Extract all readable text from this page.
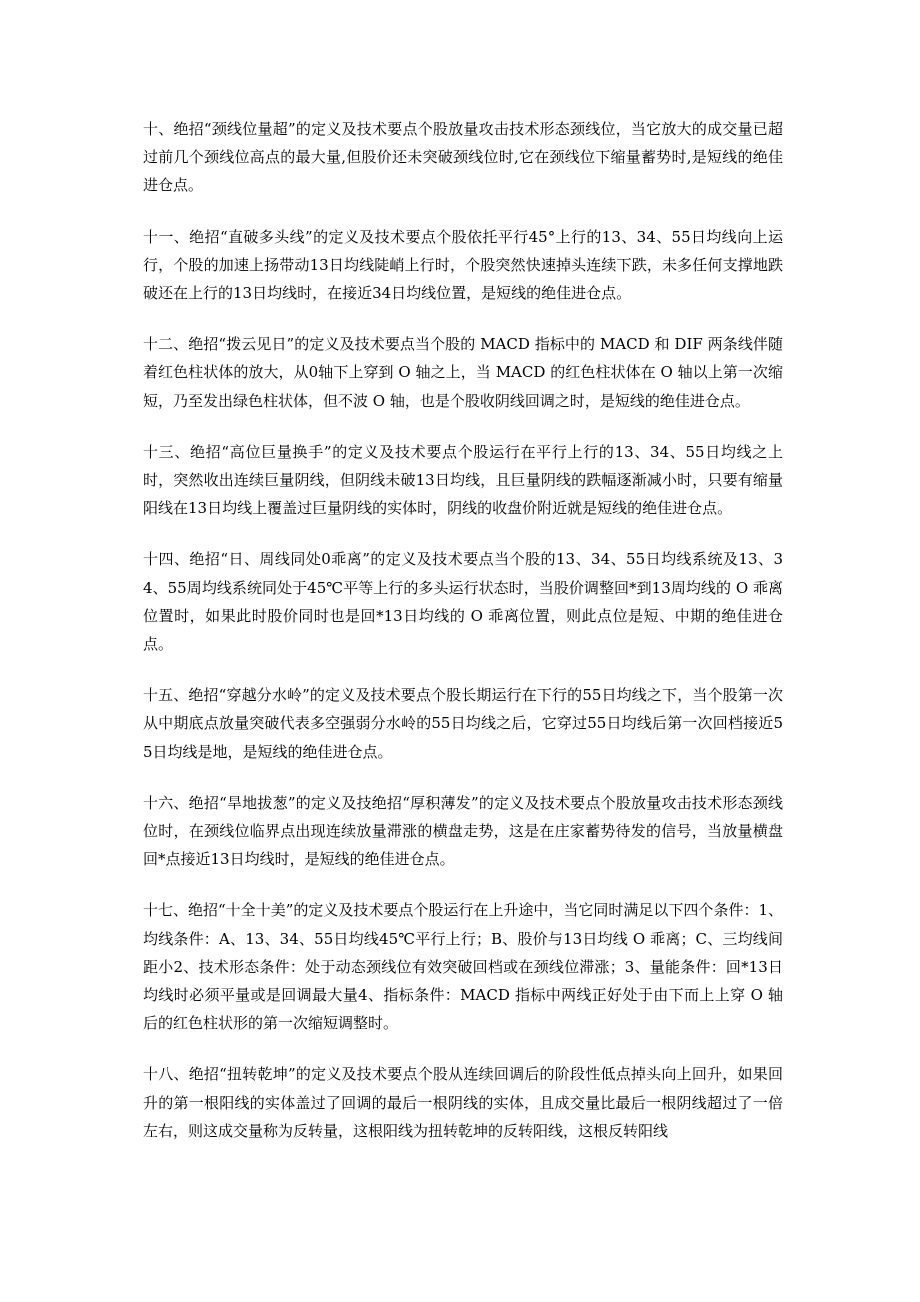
十、绝招“颈线位量超”的定义及技术要点个股放量攻击技术形态颈线位，当它放大的成交量已超过前几个颈线位高点的最大量,但股价还未突破颈线位时,它在颈线位下缩量蓄势时,是短线的绝佳进仓点。

十一、绝招“直破多头线”的定义及技术要点个股依托平行45°上行的13、34、55日均线向上运行，个股的加速上扬带动13日均线陡峭上行时，个股突然快速掉头连续下跌，未多任何支撑地跌破还在上行的13日均线时，在接近34日均线位置，是短线的绝佳进仓点。

十二、绝招“拨云见日”的定义及技术要点当个股的 MACD 指标中的 MACD 和 DIF 两条线伴随着红色柱状体的放大，从0轴下上穿到 O 轴之上，当 MACD 的红色柱状体在 O 轴以上第一次缩短，乃至发出绿色柱状体，但不波 O 轴，也是个股收阴线回调之时，是短线的绝佳进仓点。

十三、绝招“高位巨量换手”的定义及技术要点个股运行在平行上行的13、34、55日均线之上时，突然收出连续巨量阴线，但阴线未破13日均线，且巨量阴线的跌幅逐渐减小时，只要有缩量阳线在13日均线上覆盖过巨量阴线的实体时，阴线的收盘价附近就是短线的绝佳进仓点。

十四、绝招“日、周线同处0乖离”的定义及技术要点当个股的13、34、55日均线系统及13、34、55周均线系统同处于45℃平等上行的多头运行状态时，当股价调整回*到13周均线的 O 乖离位置时，如果此时股价同时也是回*13日均线的 O 乖离位置，则此点位是短、中期的绝佳进仓点。

十五、绝招“穿越分水岭”的定义及技术要点个股长期运行在下行的55日均线之下，当个股第一次从中期底点放量突破代表多空强弱分水岭的55日均线之后，它穿过55日均线后第一次回档接近55日均线是地，是短线的绝佳进仓点。

十六、绝招“旱地拔葱”的定义及技绝招“厚积薄发”的定义及技术要点个股放量攻击技术形态颈线位时，在颈线位临界点出现连续放量滞涨的横盘走势，这是在庄家蓄势待发的信号，当放量横盘回*点接近13日均线时，是短线的绝佳进仓点。

十七、绝招“十全十美”的定义及技术要点个股运行在上升途中，当它同时满足以下四个条件：1、均线条件：A、13、34、55日均线45℃平行上行；B、股价与13日均线 O 乖离；C、三均线间距小2、技术形态条件：处于动态颈线位有效突破回档或在颈线位滞涨；3、量能条件：回*13日均线时必须平量或是回调最大量4、指标条件：MACD 指标中两线正好处于由下而上上穿 O 轴后的红色柱状形的第一次缩短调整时。

十八、绝招“扭转乾坤”的定义及技术要点个股从连续回调后的阶段性低点掉头向上回升，如果回升的第一根阳线的实体盖过了回调的最后一根阴线的实体，且成交量比最后一根阴线超过了一倍左右，则这成交量称为反转量，这根阳线为扭转乾坤的反转阳线，这根反转阳线
